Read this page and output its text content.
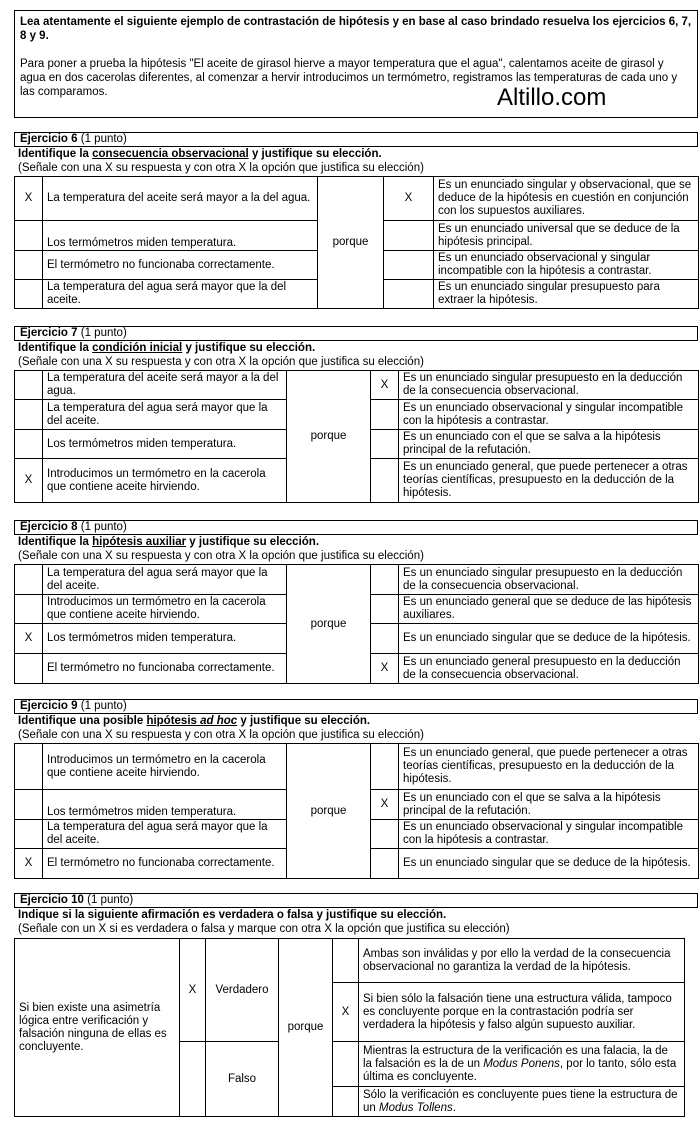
Lea atentamente el siguiente ejemplo de contrastación de hipótesis y en base al caso brindado resuelva los ejercicios 6, 7, 8 y 9.

Para poner a prueba la hipótesis "El aceite de girasol hierve a mayor temperatura que el agua", calentamos aceite de girasol y agua en dos cacerolas diferentes, al comenzar a hervir introducimos un termómetro, registramos las temperaturas de cada uno y las comparamos.	Altillo.com
Ejercicio 6 (1 punto)
Identifique la consecuencia observacional y justifique su elección.
(Señale con una X su respuesta y con otra X la opción que justifica su elección)
X	La temperatura del aceite será mayor a la del agua.	porque	X	Es un enunciado singular y observacional, que se deduce de la hipótesis en cuestión en conjunción con los supuestos auxiliares.
	Los termómetros miden temperatura.			Es un enunciado universal que se deduce de la hipótesis principal.
	El termómetro no funcionaba correctamente.			Es un enunciado observacional y singular incompatible con la hipótesis a contrastar.
	La temperatura del agua será mayor que la del aceite.			Es un enunciado singular presupuesto para extraer la hipótesis.
Ejercicio 7 (1 punto)
Identifique la condición inicial y justifique su elección.
(Señale con una X su respuesta y con otra X la opción que justifica su elección)
	La temperatura del aceite será mayor a la del agua.	porque	X	Es un enunciado singular presupuesto en la deducción de la consecuencia observacional.
	La temperatura del agua será mayor que la del aceite.			Es un enunciado observacional y singular incompatible con la hipótesis a contrastar.
	Los termómetros miden temperatura.			Es un enunciado con el que se salva a la hipótesis principal de la refutación.
X	Introducimos un termómetro en la cacerola que contiene aceite hirviendo.			Es un enunciado general, que puede pertenecer a otras teorías científicas, presupuesto en la deducción de la hipótesis.
Ejercicio 8 (1 punto)
Identifique la hipótesis auxiliar y justifique su elección.
(Señale con una X su respuesta y con otra X la opción que justifica su elección)
	La temperatura del agua será mayor que la del aceite.	porque		Es un enunciado singular presupuesto en la deducción de la consecuencia observacional.
	Introducimos un termómetro en la cacerola que contiene aceite hirviendo.			Es un enunciado general que se deduce de las hipótesis auxiliares.
X	Los termómetros miden temperatura.			Es un enunciado singular que se deduce de la hipótesis.
	El termómetro no funcionaba correctamente.		X	Es un enunciado general presupuesto en la deducción de la consecuencia observacional.
Ejercicio 9 (1 punto)
Identifique una posible hipótesis ad hoc y justifique su elección.
(Señale con una X su respuesta y con otra X la opción que justifica su elección)
	Introducimos un termómetro en la cacerola que contiene aceite hirviendo.	porque		Es un enunciado general, que puede pertenecer a otras teorías científicas, presupuesto en la deducción de la hipótesis.
	Los termómetros miden temperatura.		X	Es un enunciado con el que se salva a la hipótesis principal de la refutación.
	La temperatura del agua será mayor que la del aceite.			Es un enunciado observacional y singular incompatible con la hipótesis a contrastar.
X	El termómetro no funcionaba correctamente.			Es un enunciado singular que se deduce de la hipótesis.
Ejercicio 10 (1 punto)
Indique si la siguiente afirmación es verdadera o falsa y justifique su elección.
(Señale con un X si es verdadera o falsa y marque con otra X la opción que justifica su elección)
Si bien existe una asimetría lógica entre verificación y falsación ninguna de ellas es concluyente.	X	Verdadero	porque		Ambas son inválidas y por ello la verdad de la consecuencia observacional no garantiza la verdad de la hipótesis.
				X	Si bien sólo la falsación tiene una estructura válida, tampoco es concluyente porque en la contrastación podría ser verdadera la hipótesis y falso algún supuesto auxiliar.
		Falso			Mientras la estructura de la verificación es una falacia, la de la falsación es la de un Modus Ponens, por lo tanto, sólo esta última es concluyente.
					Sólo la verificación es concluyente pues tiene la estructura de un Modus Tollens.
